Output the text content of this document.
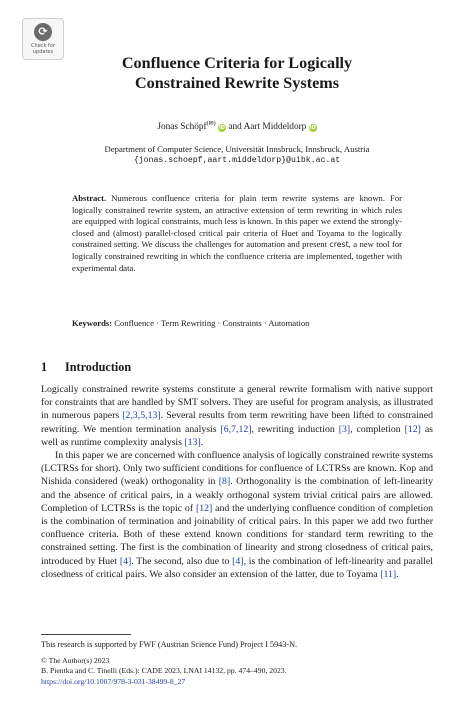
⟳
Check for
updates
Confluence Criteria for Logically
Constrained Rewrite Systems
Jonas Schöpf(✉) iD and Aart Middeldorp iD
Department of Computer Science, Universität Innsbruck, Innsbruck, Austria
{jonas.schoepf,aart.middeldorp}@uibk.ac.at
Abstract. Numerous confluence criteria for plain term rewrite systems are known. For logically constrained rewrite system, an attractive extension of term rewriting in which rules are equipped with logical constraints, much less is known. In this paper we extend the strongly-closed and (almost) parallel-closed critical pair criteria of Huet and Toyama to the logically constrained setting. We discuss the challenges for automation and present crest, a new tool for logically constrained rewriting in which the confluence criteria are implemented, together with experimental data.
Keywords: Confluence · Term Rewriting · Constraints · Automation
1 Introduction

Logically constrained rewrite systems constitute a general rewrite formalism with native support for constraints that are handled by SMT solvers. They are useful for program analysis, as illustrated in numerous papers [2,3,5,13]. Several results from term rewriting have been lifted to constrained rewriting. We mention termination analysis [6,7,12], rewriting induction [3], completion [12] as well as runtime complexity analysis [13].

In this paper we are concerned with confluence analysis of logically constrained rewrite systems (LCTRSs for short). Only two sufficient conditions for confluence of LCTRSs are known. Kop and Nishida considered (weak) orthogonality in [8]. Orthogonality is the combination of left-linearity and the absence of critical pairs, in a weakly orthogonal system trivial critical pairs are allowed. Completion of LCTRSs is the topic of [12] and the underlying confluence condition of completion is the combination of termination and joinability of critical pairs. In this paper we add two further confluence criteria. Both of these extend known conditions for standard term rewriting to the constrained setting. The first is the combination of linearity and strong closedness of critical pairs, introduced by Huet [4]. The second, also due to [4], is the combination of left-linearity and parallel closedness of critical pairs. We also consider an extension of the latter, due to Toyama [11].

This research is supported by FWF (Austrian Science Fund) Project I 5943-N.
© The Author(s) 2023
B. Pientka and C. Tinelli (Eds.): CADE 2023, LNAI 14132, pp. 474–490, 2023.
https://doi.org/10.1007/978-3-031-38499-8_27
